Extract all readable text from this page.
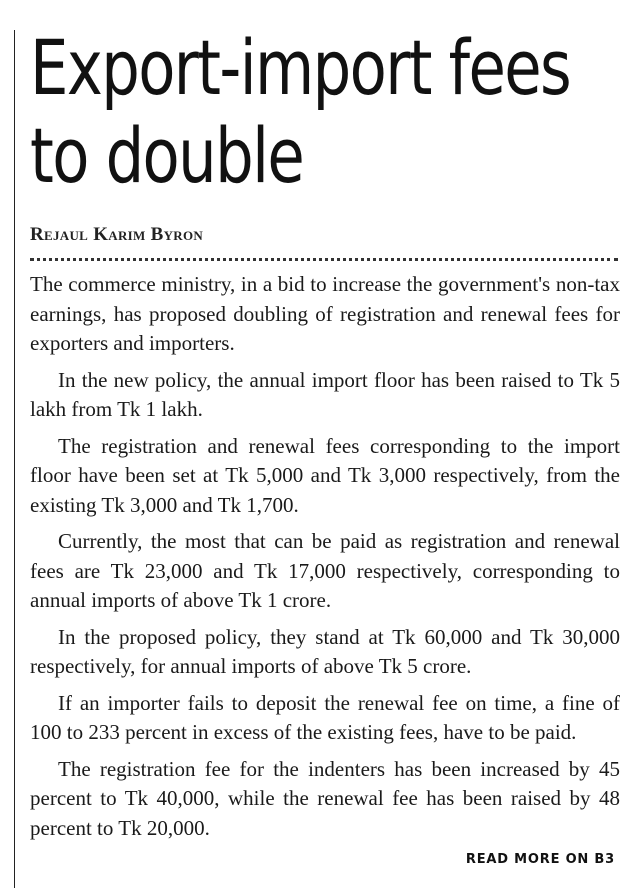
Export-import fees
to double
Rejaul Karim Byron

The commerce ministry, in a bid to increase the government's non-tax earnings, has proposed doubling of registration and renewal fees for exporters and importers.

In the new policy, the annual import floor has been raised to Tk 5 lakh from Tk 1 lakh.

The registration and renewal fees corresponding to the import floor have been set at Tk 5,000 and Tk 3,000 respectively, from the existing Tk 3,000 and Tk 1,700.

Currently, the most that can be paid as registration and renewal fees are Tk 23,000 and Tk 17,000 respectively, corresponding to annual imports of above Tk 1 crore.

In the proposed policy, they stand at Tk 60,000 and Tk 30,000 respectively, for annual imports of above Tk 5 crore.

If an importer fails to deposit the renewal fee on time, a fine of 100 to 233 percent in excess of the existing fees, have to be paid.

The registration fee for the indenters has been increased by 45 percent to Tk 40,000, while the renewal fee has been raised by 48 percent to Tk 20,000.

READ MORE ON B3
